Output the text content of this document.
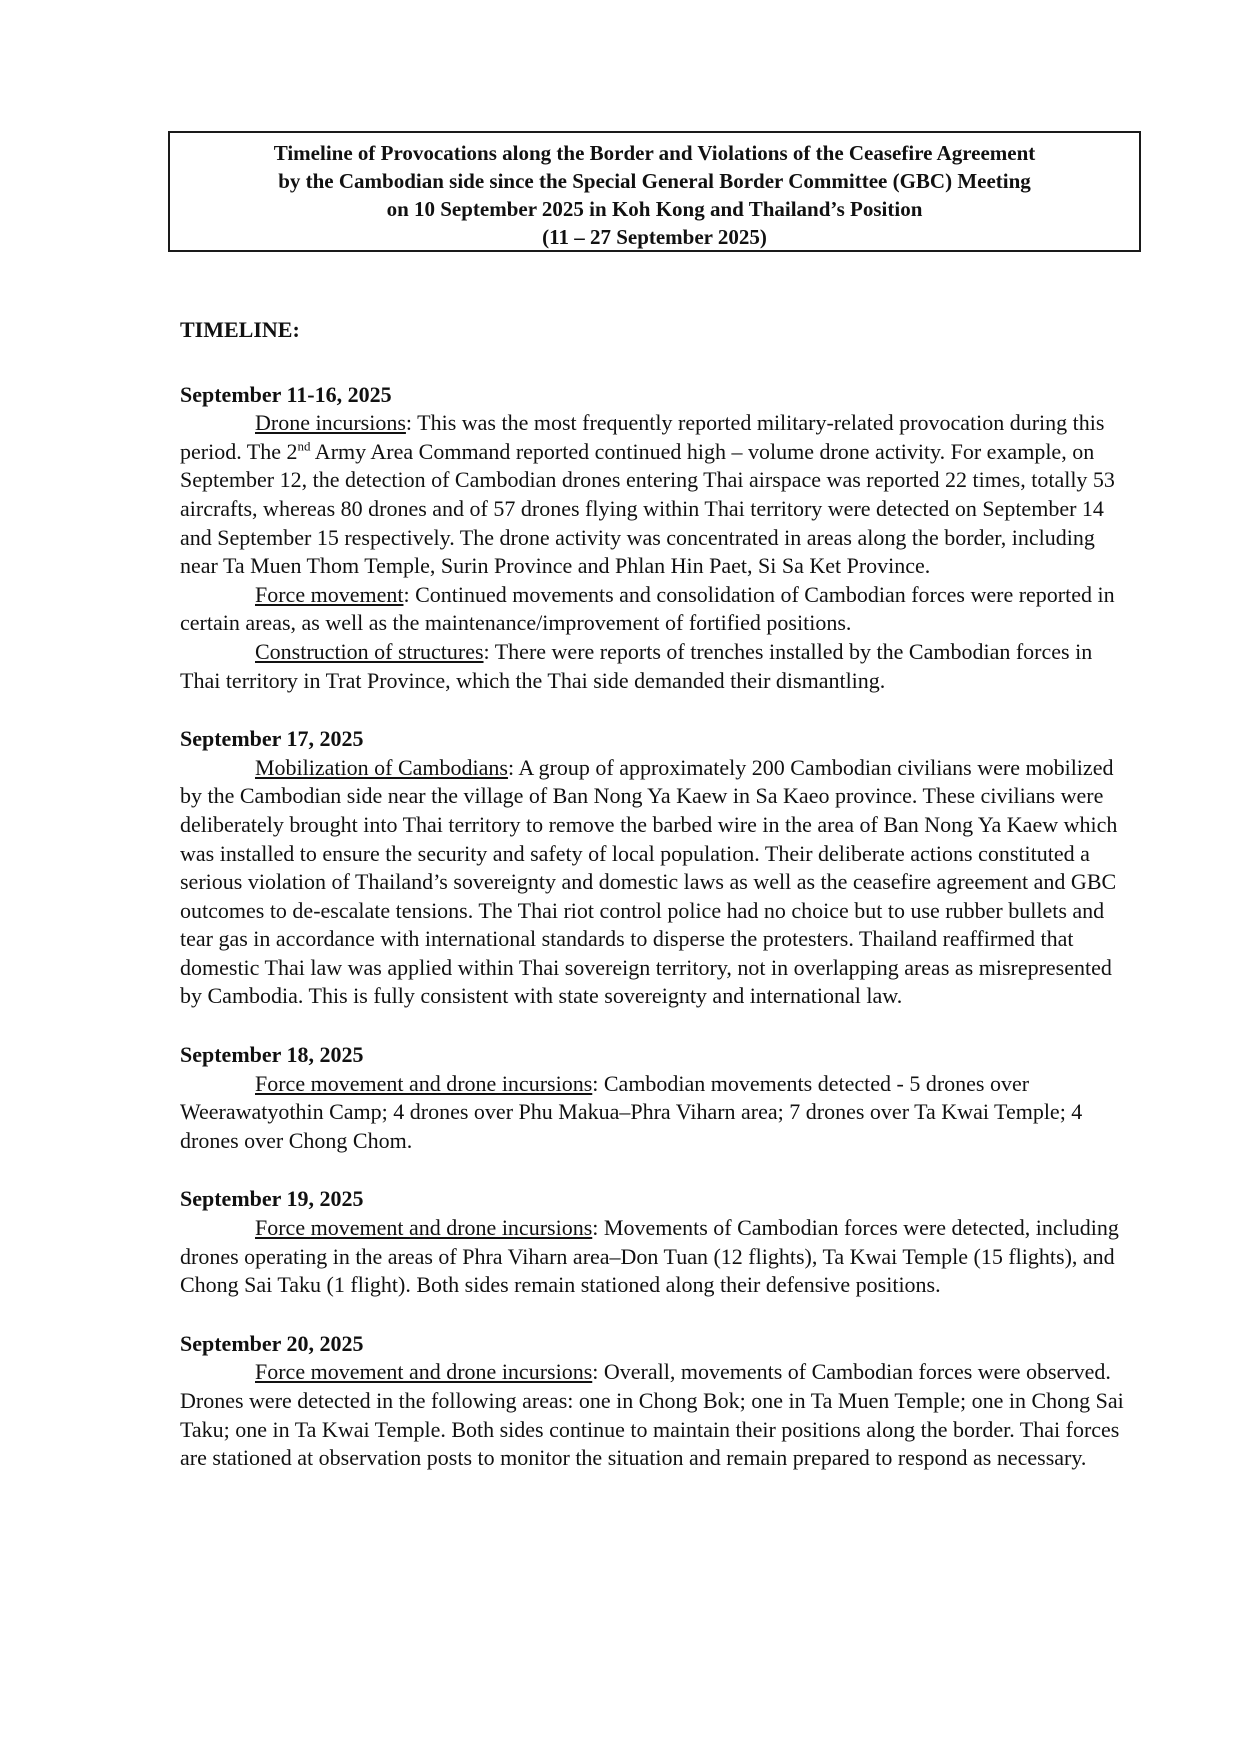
Timeline of Provocations along the Border and Violations of the Ceasefire Agreement
by the Cambodian side since the Special General Border Committee (GBC) Meeting
on 10 September 2025 in Koh Kong and Thailand’s Position
(11 – 27 September 2025)

TIMELINE:

September 11-16, 2025

Drone incursions: This was the most frequently reported military-related provocation during this period. The 2nd Army Area Command reported continued high – volume drone activity. For example, on September 12, the detection of Cambodian drones entering Thai airspace was reported 22 times, totally 53 aircrafts, whereas 80 drones and of 57 drones flying within Thai territory were detected on September 14 and September 15 respectively. The drone activity was concentrated in areas along the border, including near Ta Muen Thom Temple, Surin Province and Phlan Hin Paet, Si Sa Ket Province.

Force movement: Continued movements and consolidation of Cambodian forces were reported in certain areas, as well as the maintenance/improvement of fortified positions.

Construction of structures: There were reports of trenches installed by the Cambodian forces in Thai territory in Trat Province, which the Thai side demanded their dismantling.

September 17, 2025

Mobilization of Cambodians: A group of approximately 200 Cambodian civilians were mobilized by the Cambodian side near the village of Ban Nong Ya Kaew in Sa Kaeo province. These civilians were deliberately brought into Thai territory to remove the barbed wire in the area of Ban Nong Ya Kaew which was installed to ensure the security and safety of local population. Their deliberate actions constituted a serious violation of Thailand’s sovereignty and domestic laws as well as the ceasefire agreement and GBC outcomes to de-escalate tensions. The Thai riot control police had no choice but to use rubber bullets and tear gas in accordance with international standards to disperse the protesters. Thailand reaffirmed that domestic Thai law was applied within Thai sovereign territory, not in overlapping areas as misrepresented by Cambodia. This is fully consistent with state sovereignty and international law.

September 18, 2025

Force movement and drone incursions: Cambodian movements detected - 5 drones over Weerawatyothin Camp; 4 drones over Phu Makua–Phra Viharn area; 7 drones over Ta Kwai Temple; 4 drones over Chong Chom.

September 19, 2025

Force movement and drone incursions: Movements of Cambodian forces were detected, including drones operating in the areas of Phra Viharn area–Don Tuan (12 flights), Ta Kwai Temple (15 flights), and Chong Sai Taku (1 flight). Both sides remain stationed along their defensive positions.

September 20, 2025

Force movement and drone incursions: Overall, movements of Cambodian forces were observed. Drones were detected in the following areas: one in Chong Bok; one in Ta Muen Temple; one in Chong Sai Taku; one in Ta Kwai Temple. Both sides continue to maintain their positions along the border. Thai forces are stationed at observation posts to monitor the situation and remain prepared to respond as necessary.
